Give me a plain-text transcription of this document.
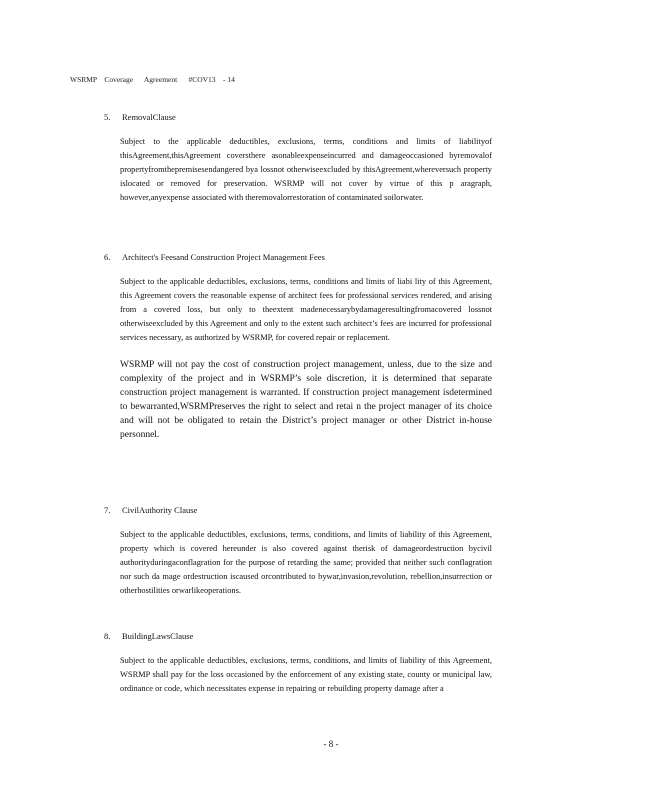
WSRMP    Coverage      Agreement      #COV13    - 14
5.	RemovalClause
Subject to the applicable deductibles, exclusions, terms, conditions and limits of liabilityof thisAgreement,thisAgreement coversthere asonableexpenseincurred and damageoccasioned byremovalof propertyfromthepremisesendangered bya lossnot otherwiseexcluded by thisAgreement,whereversuch property islocated or removed for preservation. WSRMP will not cover by virtue of this p aragraph, however,anyexpense associated with theremovalorrestoration of contaminated soilorwater.
6.	Architect's Feesand Construction Project Management Fees
Subject to the applicable deductibles, exclusions, terms, conditions and limits of liabi lity of this Agreement, this Agreement covers the reasonable expense of architect fees for professional services rendered, and arising from a covered loss, but only to theextent madenecessarybydamageresultingfromacovered lossnot otherwiseexcluded by this Agreement and only to the extent such architect’s fees are incurred for professional services necessary, as authorized by WSRMP, for covered repair or replacement.
WSRMP will not pay the cost of construction project management, unless, due to the size and complexity of the project and in WSRMP’s sole discretion, it is determined that separate construction project management is warranted. If construction project management isdetermined to bewarranted,WSRMPreserves the right to select and retai n the project manager of its choice and will not be obligated to retain the District’s project manager or other District in-house personnel.
7.	CivilAuthority Clause
Subject to the applicable deductibles, exclusions, terms, conditions, and limits of liability of this Agreement, property which is covered hereunder is also covered against therisk of damageordestruction bycivil authorityduringaconflagration for the purpose of retarding the same; provided that neither such conflagration nor such da mage ordestruction iscaused orcontributed to bywar,invasion,revolution, rebellion,insurrection or otherhostilities orwarlikeoperations.
8.	BuildingLawsClause
Subject to the applicable deductibles, exclusions, terms, conditions, and limits of liability of this Agreement, WSRMP shall pay for the loss occasioned by the enforcement of any existing state, county or municipal law, ordinance or code, which necessitates expense in repairing or rebuilding property damage after a
- 8 -
